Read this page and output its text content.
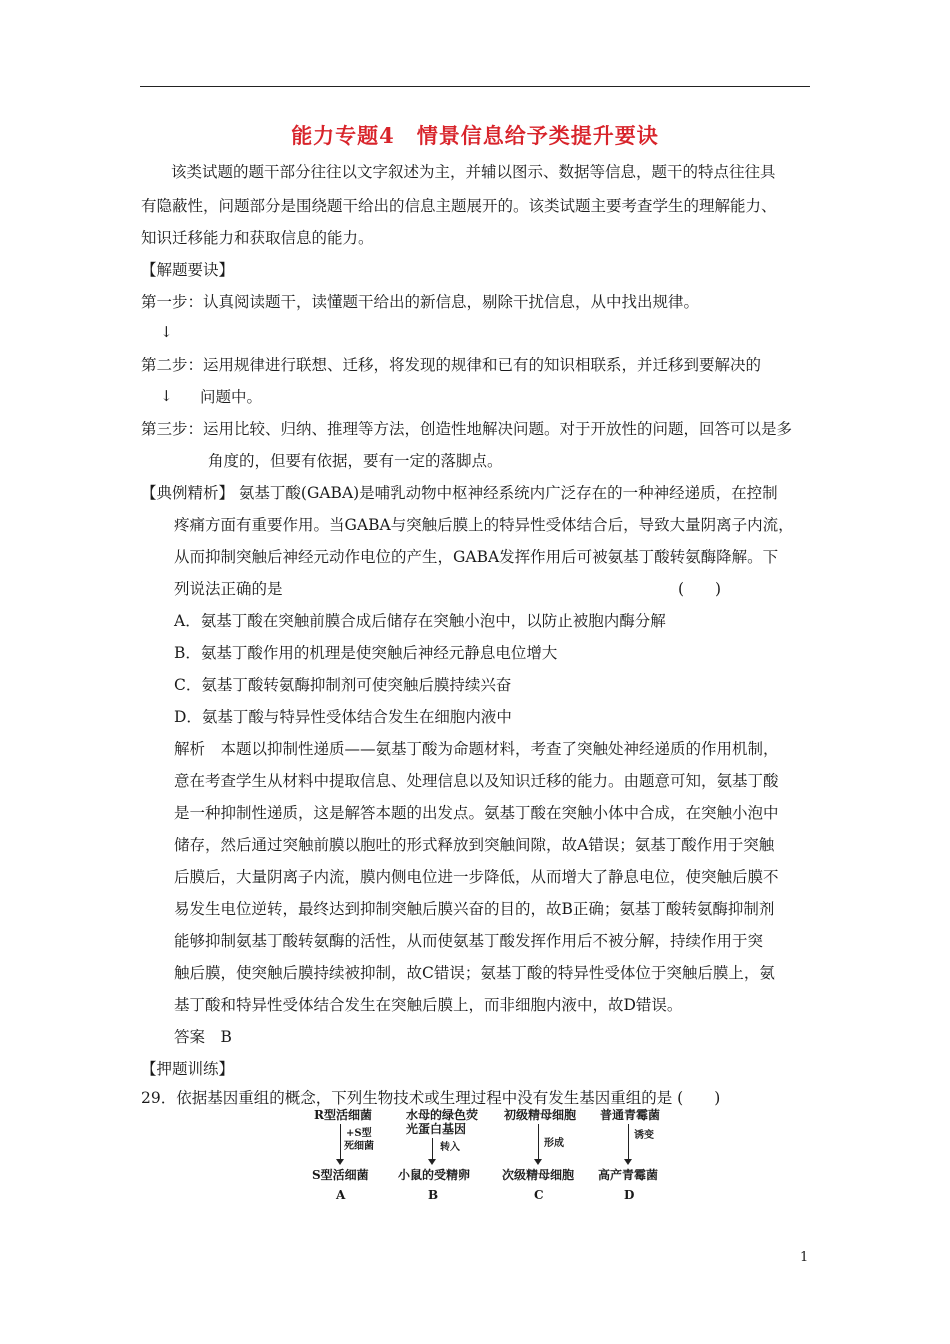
能力专题4　情景信息给予类提升要诀
该类试题的题干部分往往以文字叙述为主，并辅以图示、数据等信息，题干的特点往往具
有隐蔽性，问题部分是围绕题干给出的信息主题展开的。该类试题主要考查学生的理解能力、
知识迁移能力和获取信息的能力。
【解题要诀】
第一步：认真阅读题干，读懂题干给出的新信息，剔除干扰信息，从中找出规律。
↓
第二步：运用规律进行联想、迁移，将发现的规律和已有的知识相联系，并迁移到要解决的
↓ 问题中。
第三步：运用比较、归纳、推理等方法，创造性地解决问题。对于开放性的问题，回答可以是多
角度的，但要有依据，要有一定的落脚点。
【典例精析】 氨基丁酸(GABA)是哺乳动物中枢神经系统内广泛存在的一种神经递质，在控制
疼痛方面有重要作用。当GABA与突触后膜上的特异性受体结合后，导致大量阴离子内流，
从而抑制突触后神经元动作电位的产生，GABA发挥作用后可被氨基丁酸转氨酶降解。下
列说法正确的是	(　　)
A．氨基丁酸在突触前膜合成后储存在突触小泡中，以防止被胞内酶分解
B．氨基丁酸作用的机理是使突触后神经元静息电位增大
C．氨基丁酸转氨酶抑制剂可使突触后膜持续兴奋
D．氨基丁酸与特异性受体结合发生在细胞内液中
解析　本题以抑制性递质——氨基丁酸为命题材料，考查了突触处神经递质的作用机制，
意在考查学生从材料中提取信息、处理信息以及知识迁移的能力。由题意可知，氨基丁酸
是一种抑制性递质，这是解答本题的出发点。氨基丁酸在突触小体中合成，在突触小泡中
储存，然后通过突触前膜以胞吐的形式释放到突触间隙，故A错误；氨基丁酸作用于突触
后膜后，大量阴离子内流，膜内侧电位进一步降低，从而增大了静息电位，使突触后膜不
易发生电位逆转，最终达到抑制突触后膜兴奋的目的，故B正确；氨基丁酸转氨酶抑制剂
能够抑制氨基丁酸转氨酶的活性，从而使氨基丁酸发挥作用后不被分解，持续作用于突
触后膜，使突触后膜持续被抑制，故C错误；氨基丁酸的特异性受体位于突触后膜上，氨
基丁酸和特异性受体结合发生在突触后膜上，而非细胞内液中，故D错误。
答案　B
【押题训练】
29．依据基因重组的概念，下列生物技术或生理过程中没有发生基因重组的是 (　　)
R型活细菌
+S型
死细菌
S型活细菌
A
水母的绿色荧
光蛋白基因
转入
小鼠的受精卵
B
初级精母细胞
形成
次级精母细胞
C
普通青霉菌
诱变
高产青霉菌
D
1
